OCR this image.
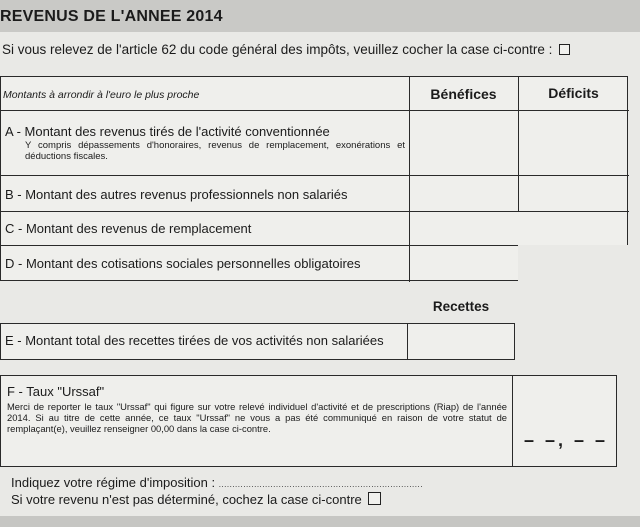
REVENUS DE L'ANNEE 2014
Si vous relevez de l'article 62 du code général des impôts, veuillez cocher la case ci-contre :
Montants à arrondir à l'euro le plus proche	Bénéfices	Déficits
A - Montant des revenus tirés de l'activité conventionnée
Y compris dépassements d'honoraires, revenus de remplacement, exonérations et déductions fiscales.
B - Montant des autres revenus professionnels non salariés
C - Montant des revenus de remplacement
D - Montant des cotisations sociales personnelles obligatoires
Recettes
E - Montant total des recettes tirées de vos activités non salariées
F - Taux "Urssaf"
Merci de reporter le taux "Urssaf" qui figure sur votre relevé individuel d'activité et de prescriptions (Riap) de l'année 2014. Si au titre de cette année, ce taux "Urssaf" ne vous a pas été communiqué en raison de votre statut de remplaçant(e), veuillez renseigner 00,00 dans la case ci-contre.
– –, – –
Indiquez votre régime d'imposition : ...........................................................................
Si votre revenu n'est pas déterminé, cochez la case ci-contre
